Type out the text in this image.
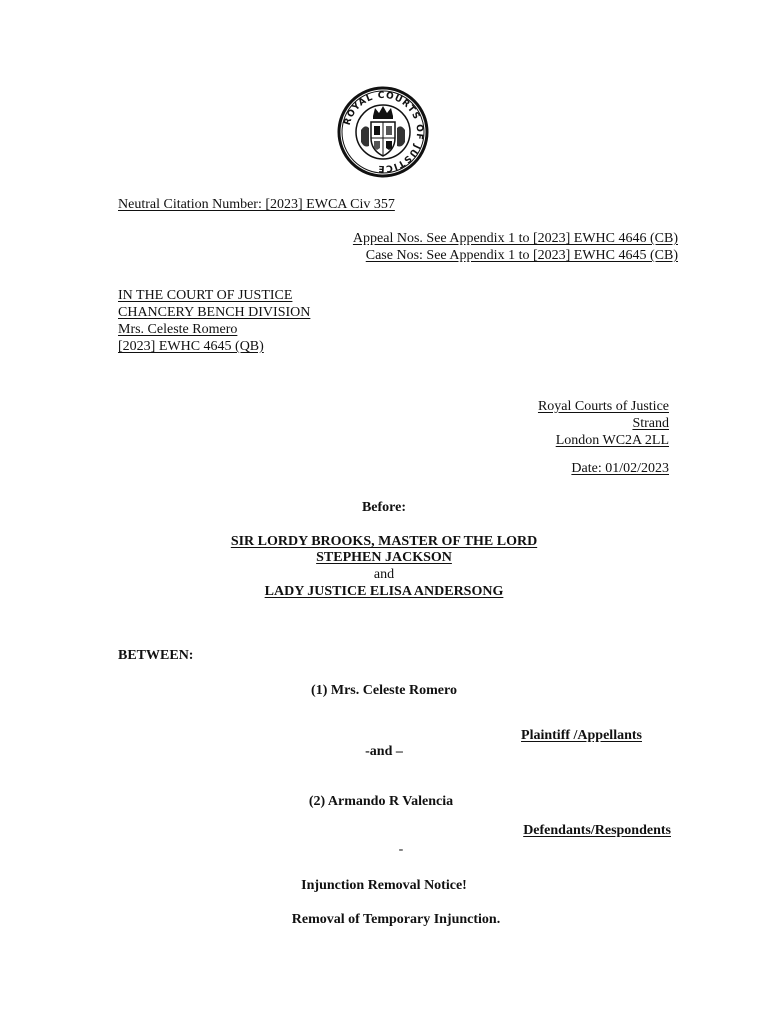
ROYAL COURTS OF JUSTICE
Neutral Citation Number: [2023] EWCA Civ 357
Appeal Nos. See Appendix 1 to [2023] EWHC 4646 (CB)
Case Nos: See Appendix 1 to [2023] EWHC 4645 (CB)
IN THE COURT OF JUSTICE
CHANCERY BENCH DIVISION
Mrs. Celeste Romero
[2023] EWHC 4645 (QB)
Royal Courts of Justice
Strand
London WC2A 2LL
Date: 01/02/2023
Before:
SIR LORDY BROOKS, MASTER OF THE LORD
STEPHEN JACKSON
and
LADY JUSTICE ELISA ANDERSONG
BETWEEN:
(1) Mrs. Celeste Romero
Plaintiff /Appellants
-and –
(2) Armando R Valencia
Defendants/Respondents
-
Injunction Removal Notice!
Removal of Temporary Injunction.
